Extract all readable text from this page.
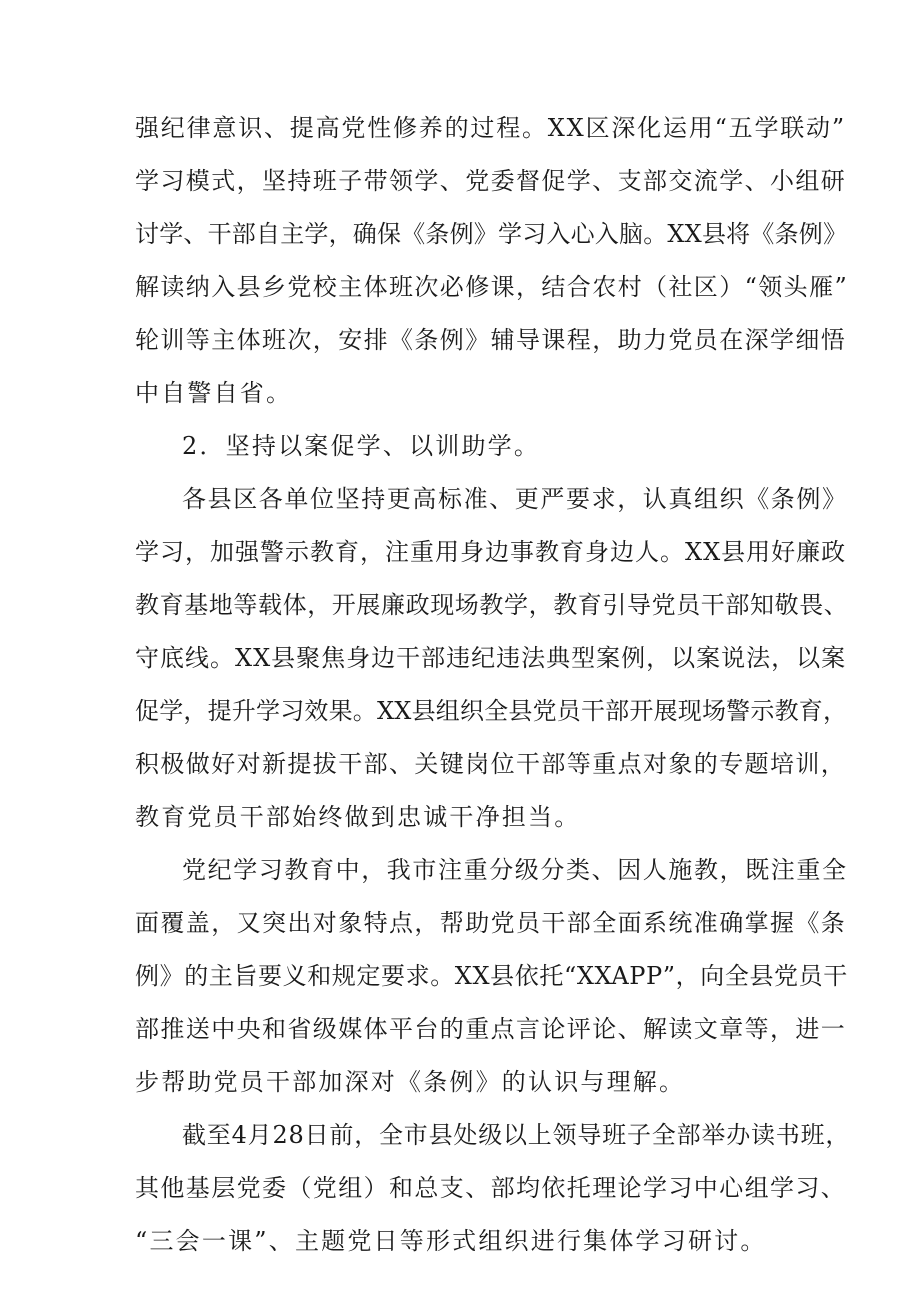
强纪律意识、提高党性修养的过程。XX区深化运用“五学联动”
学习模式，坚持班子带领学、党委督促学、支部交流学、小组研
讨学、干部自主学，确保《条例》学习入心入脑。XX县将《条例》
解读纳入县乡党校主体班次必修课，结合农村（社区）“领头雁”
轮训等主体班次，安排《条例》辅导课程，助力党员在深学细悟
中自警自省。
2．坚持以案促学、以训助学。
各县区各单位坚持更高标准、更严要求，认真组织《条例》
学习，加强警示教育，注重用身边事教育身边人。XX县用好廉政
教育基地等载体，开展廉政现场教学，教育引导党员干部知敬畏、
守底线。XX县聚焦身边干部违纪违法典型案例，以案说法，以案
促学，提升学习效果。XX县组织全县党员干部开展现场警示教育，
积极做好对新提拔干部、关键岗位干部等重点对象的专题培训，
教育党员干部始终做到忠诚干净担当。
党纪学习教育中，我市注重分级分类、因人施教，既注重全
面覆盖，又突出对象特点，帮助党员干部全面系统准确掌握《条
例》的主旨要义和规定要求。XX县依托“XXAPP”，向全县党员干
部推送中央和省级媒体平台的重点言论评论、解读文章等，进一
步帮助党员干部加深对《条例》的认识与理解。
截至4月28日前，全市县处级以上领导班子全部举办读书班，
其他基层党委（党组）和总支、部均依托理论学习中心组学习、
“三会一课”、主题党日等形式组织进行集体学习研讨。
